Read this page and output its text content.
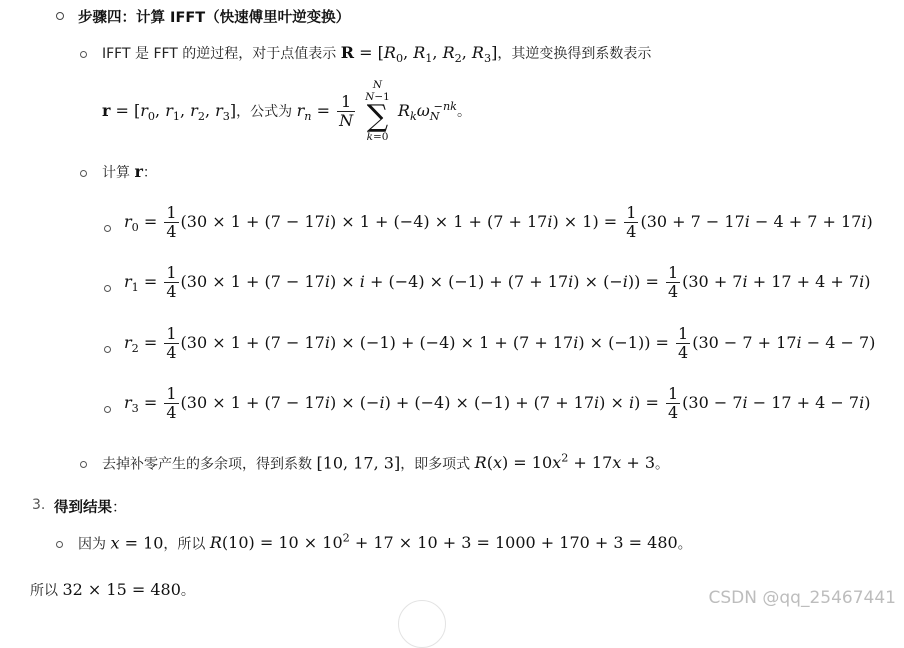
步骤四：计算 IFFT（快速傅里叶逆变换）
IFFT 是 FFT 的逆过程，对于点值表示 $R = [R_0$, $R_1$, $R_2$, $R_3$]，其逆变换得到系数表示
$r = [r_0$, $r_1$, $r_2$, $r_3$]，公式为 $r_n = \frac{1}{N}$

N
N−1
∑
k=0
$R_k\omega_N^{-nk}$。
计算 r：
$r_0 = \frac{1}{4} (30 \times 1 + (7 - 17i) \times 1 + (-4) \times 1 + (7 + 17i) \times 1) = \frac{1}{4} (30 + 7 - 17i - 4 + 7 + 17i)$
$r_1 = \frac{1}{4} (30 \times 1 + (7 - 17i) \times i + (-4) \times (-1) + (7 + 17i) \times (-i)) = \frac{1}{4} (30 + 7i + 17 + 4 + 7i)$
$r_2 = \frac{1}{4} (30 \times 1 + (7 - 17i) \times (-1) + (-4) \times 1 + (7 + 17i) \times (-1)) = \frac{1}{4} (30 - 7 + 17i - 4 - 7)$
$r_3 = \frac{1}{4} (30 \times 1 + (7 - 17i) \times (-i) + (-4) \times (-1) + (7 + 17i) \times i) = \frac{1}{4} (30 - 7i - 17 + 4 - 7i)$
去掉补零产生的多余项，得到系数 [10, 17, 3]，即多项式 $R(x) = 10x^2 + 17x + 3$。
3. 得到结果：
因为 x = 10，所以 $R(10) = 10 \times 10^2 + 17 \times 10 + 3 = 1000 + 170 + 3 = 480$。
所以 32 × 15 = 480。	CSDN @qq_25467441
